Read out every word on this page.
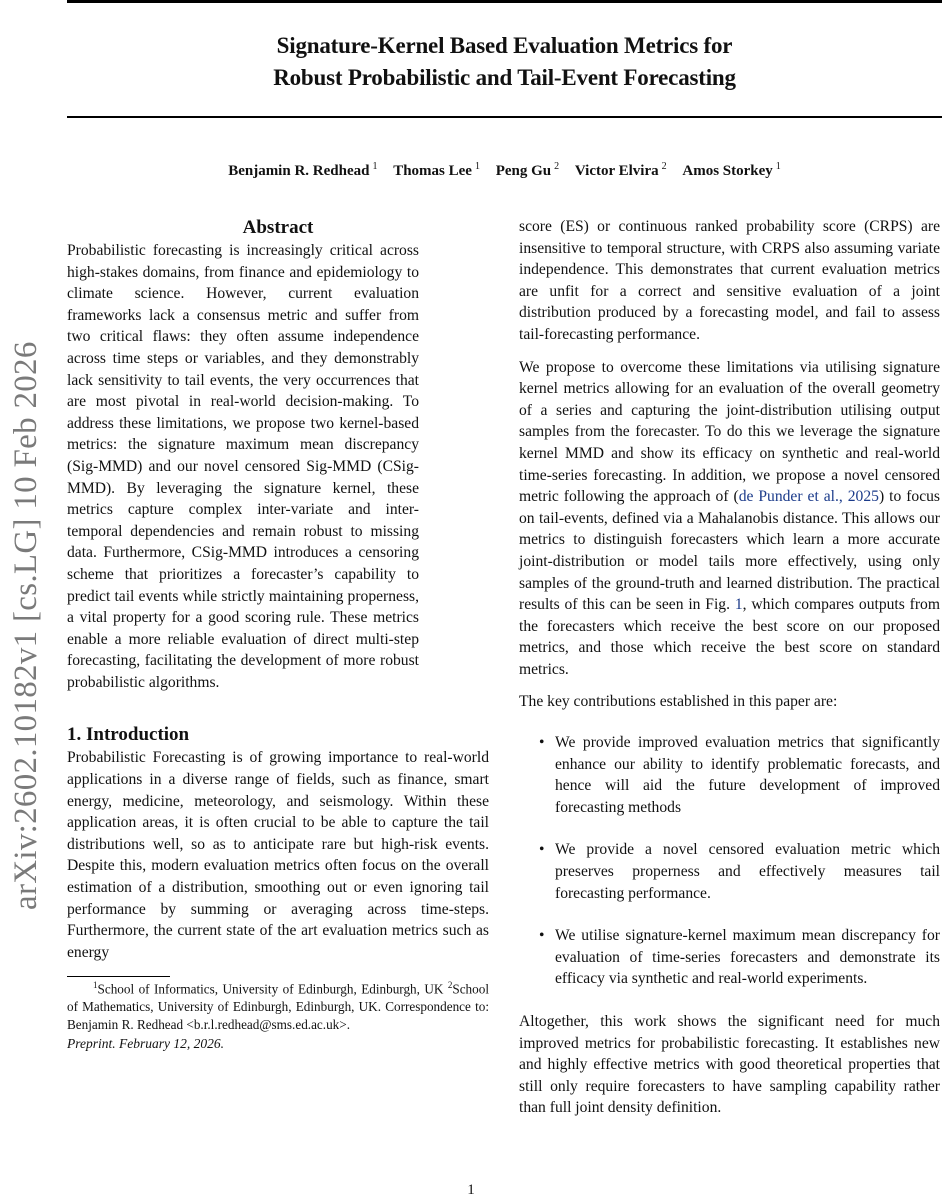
Signature-Kernel Based Evaluation Metrics for
Robust Probabilistic and Tail-Event Forecasting
Benjamin R. Redhead $^1$ Thomas Lee $^1$ Peng Gu $^2$ Victor Elvira $^2$ Amos Storkey $^1$
arXiv:2602.10182v1 [cs.LG] 10 Feb 2026
Abstract

Probabilistic forecasting is increasingly critical across high-stakes domains, from finance and epidemiology to climate science. However, current evaluation frameworks lack a consensus metric and suffer from two critical flaws: they often assume independence across time steps or variables, and they demonstrably lack sensitivity to tail events, the very occurrences that are most pivotal in real-world decision-making. To address these limitations, we propose two kernel-based metrics: the signature maximum mean discrepancy (Sig-MMD) and our novel censored Sig-MMD (CSig-MMD). By leveraging the signature kernel, these metrics capture complex inter-variate and inter-temporal dependencies and remain robust to missing data. Furthermore, CSig-MMD introduces a censoring scheme that prioritizes a forecaster’s capability to predict tail events while strictly maintaining properness, a vital property for a good scoring rule. These metrics enable a more reliable evaluation of direct multi-step forecasting, facilitating the development of more robust probabilistic algorithms.

1. Introduction

Probabilistic Forecasting is of growing importance to real-world applications in a diverse range of fields, such as finance, smart energy, medicine, meteorology, and seismology. Within these application areas, it is often crucial to be able to capture the tail distributions well, so as to anticipate rare but high-risk events. Despite this, modern evaluation metrics often focus on the overall estimation of a distribution, smoothing out or even ignoring tail performance by summing or averaging across time-steps. Furthermore, the current state of the art evaluation metrics such as energy

$^1$School of Informatics, University of Edinburgh, Edinburgh, UK $^2$School of Mathematics, University of Edinburgh, Edinburgh, UK. Correspondence to: Benjamin R. Redhead <b.r.l.redhead@sms.ed.ac.uk>.

Preprint. February 12, 2026.

score (ES) or continuous ranked probability score (CRPS) are insensitive to temporal structure, with CRPS also assuming variate independence. This demonstrates that current evaluation metrics are unfit for a correct and sensitive evaluation of a joint distribution produced by a forecasting model, and fail to assess tail-forecasting performance.

We propose to overcome these limitations via utilising signature kernel metrics allowing for an evaluation of the overall geometry of a series and capturing the joint-distribution utilising output samples from the forecaster. To do this we leverage the signature kernel MMD and show its efficacy on synthetic and real-world time-series forecasting. In addition, we propose a novel censored metric following the approach of (de Punder et al., 2025) to focus on tail-events, defined via a Mahalanobis distance. This allows our metrics to distinguish forecasters which learn a more accurate joint-distribution or model tails more effectively, using only samples of the ground-truth and learned distribution. The practical results of this can be seen in Fig. 1, which compares outputs from the forecasters which receive the best score on our proposed metrics, and those which receive the best score on standard metrics.

The key contributions established in this paper are:

• We provide improved evaluation metrics that significantly enhance our ability to identify problematic forecasts, and hence will aid the future development of improved forecasting methods
• We provide a novel censored evaluation metric which preserves properness and effectively measures tail forecasting performance.
• We utilise signature-kernel maximum mean discrepancy for evaluation of time-series forecasters and demonstrate its efficacy via synthetic and real-world experiments.

Altogether, this work shows the significant need for much improved metrics for probabilistic forecasting. It establishes new and highly effective metrics with good theoretical properties that still only require forecasters to have sampling capability rather than full joint density definition.

1
